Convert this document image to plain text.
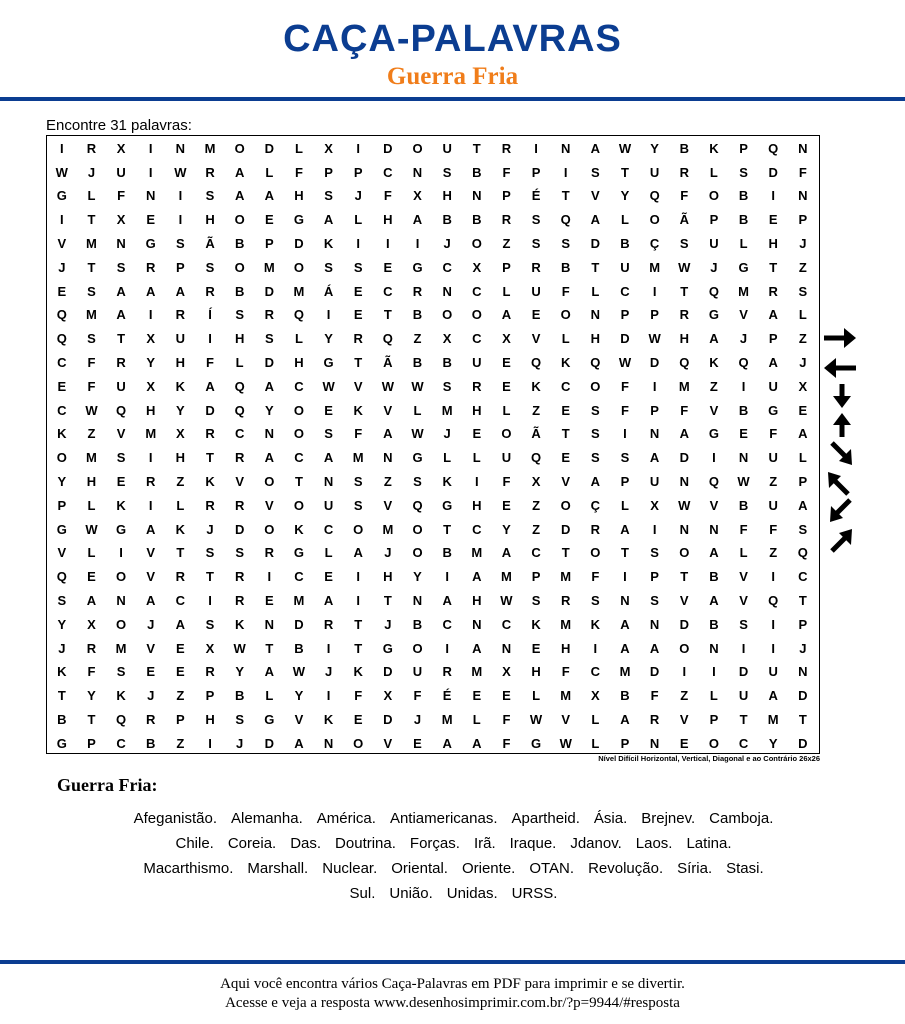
CAÇA-PALAVRAS
Guerra Fria
Encontre 31 palavras:
I	R	X	I	N	M	O	D	L	X	I	D	O	U	T	R	I	N	A	W	Y	B	K	P	Q	N
W	J	U	I	W	R	A	L	F	P	P	C	N	S	B	F	P	I	S	T	U	R	L	S	D	F
G	L	F	N	I	S	A	A	H	S	J	F	X	H	N	P	É	T	V	Y	Q	F	O	B	I	N
I	T	X	E	I	H	O	E	G	A	L	H	A	B	B	R	S	Q	A	L	O	Ã	P	B	E	P
V	M	N	G	S	Ã	B	P	D	K	I	I	I	J	O	Z	S	S	D	B	Ç	S	U	L	H	J
J	T	S	R	P	S	O	M	O	S	S	E	G	C	X	P	R	B	T	U	M	W	J	G	T	Z
E	S	A	A	A	R	B	D	M	Á	E	C	R	N	C	L	U	F	L	C	I	T	Q	M	R	S
Q	M	A	I	R	Í	S	R	Q	I	E	T	B	O	O	A	E	O	N	P	P	R	G	V	A	L
Q	S	T	X	U	I	H	S	L	Y	R	Q	Z	X	C	X	V	L	H	D	W	H	A	J	P	Z
C	F	R	Y	H	F	L	D	H	G	T	Ã	B	B	U	E	Q	K	Q	W	D	Q	K	Q	A	J
E	F	U	X	K	A	Q	A	C	W	V	W	W	S	R	E	K	C	O	F	I	M	Z	I	U	X
C	W	Q	H	Y	D	Q	Y	O	E	K	V	L	M	H	L	Z	E	S	F	P	F	V	B	G	E
K	Z	V	M	X	R	C	N	O	S	F	A	W	J	E	O	Ã	T	S	I	N	A	G	E	F	A
O	M	S	I	H	T	R	A	C	A	M	N	G	L	L	U	Q	E	S	S	A	D	I	N	U	L
Y	H	E	R	Z	K	V	O	T	N	S	Z	S	K	I	F	X	V	A	P	U	N	Q	W	Z	P
P	L	K	I	L	R	R	V	O	U	S	V	Q	G	H	E	Z	O	Ç	L	X	W	V	B	U	A
G	W	G	A	K	J	D	O	K	C	O	M	O	T	C	Y	Z	D	R	A	I	N	N	F	F	S
V	L	I	V	T	S	S	R	G	L	A	J	O	B	M	A	C	T	O	T	S	O	A	L	Z	Q
Q	E	O	V	R	T	R	I	C	E	I	H	Y	I	A	M	P	M	F	I	P	T	B	V	I	C
S	A	N	A	C	I	R	E	M	A	I	T	N	A	H	W	S	R	S	N	S	V	A	V	Q	T
Y	X	O	J	A	S	K	N	D	R	T	J	B	C	N	C	K	M	K	A	N	D	B	S	I	P
J	R	M	V	E	X	W	T	B	I	T	G	O	I	A	N	E	H	I	A	A	O	N	I	I	J
K	F	S	E	E	R	Y	A	W	J	K	D	U	R	M	X	H	F	C	M	D	I	I	D	U	N
T	Y	K	J	Z	P	B	L	Y	I	F	X	F	É	E	E	L	M	X	B	F	Z	L	U	A	D
B	T	Q	R	P	H	S	G	V	K	E	D	J	M	L	F	W	V	L	A	R	V	P	T	M	T
G	P	C	B	Z	I	J	D	A	N	O	V	E	A	A	F	G	W	L	P	N	E	O	C	Y	D
Nível Difícil Horizontal, Vertical, Diagonal e ao Contrário 26x26
Guerra Fria:
Afeganistão. Alemanha. América. Antiamericanas. Apartheid. Ásia. Brejnev. Camboja.
Chile. Coreia. Das. Doutrina. Forças. Irã. Iraque. Jdanov. Laos. Latina.
Macarthismo. Marshall. Nuclear. Oriental. Oriente. OTAN. Revolução. Síria. Stasi.
Sul. União. Unidas. URSS.
Aqui você encontra vários Caça-Palavras em PDF para imprimir e se divertir.
Acesse e veja a resposta www.desenhosimprimir.com.br/?p=9944/#resposta
